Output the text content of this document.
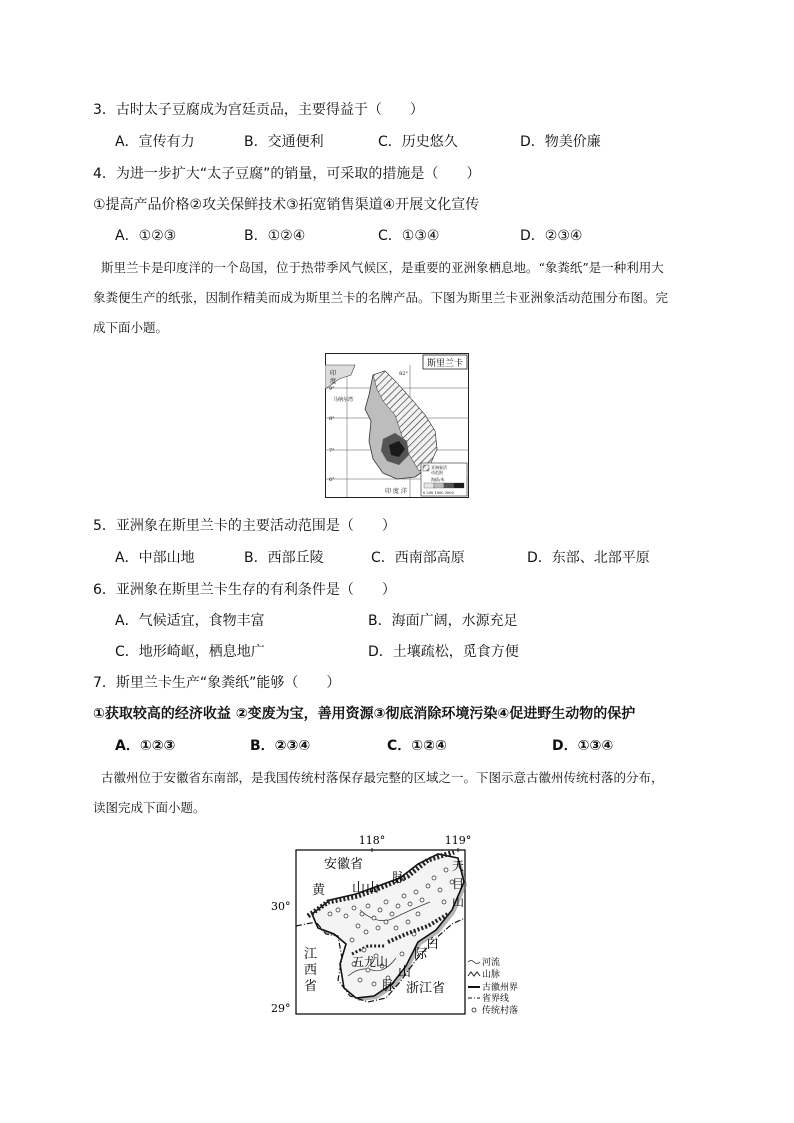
3．古时太子豆腐成为宫廷贡品，主要得益于（　　）
A．宣传有力	B．交通便利	C．历史悠久	D．物美价廉
4．为进一步扩大“太子豆腐”的销量，可采取的措施是（　　）
①提高产品价格②攻关保鲜技术③拓宽销售渠道④开展文化宣传
A．①②③	B．①②④	C．①③④	D．②③④
斯里兰卡是印度洋的一个岛国，位于热带季风气候区，是重要的亚洲象栖息地。“象粪纸”是一种利用大
象粪便生产的纸张，因制作精美而成为斯里兰卡的名牌产品。下图为斯里兰卡亚洲象活动范围分布图。完
成下面小题。
斯里兰卡
82°
9°
8°
7°
6°
印
度
马纳尔湾
印 度 洋
亚洲象活
动范围
海拔/米
0 200 1000 2000
5．亚洲象在斯里兰卡的主要活动范围是（　　）
A．中部山地	B．西部丘陵	C．西南部高原	D．东部、北部平原
6．亚洲象在斯里兰卡生存的有利条件是（　　）
A．气候适宜，食物丰富	B．海面广阔，水源充足
C．地形崎岖，栖息地广	D．土壤疏松，觅食方便
7．斯里兰卡生产“象粪纸”能够（　　）
①获取较高的经济收益 ②变废为宝，善用资源③彻底消除环境污染④促进野生动物的保护
A．①②③	B．②③④	C．①②④	D．①③④
古徽州位于安徽省东南部，是我国传统村落保存最完整的区域之一。下图示意古徽州传统村落的分布，
读图完成下面小题。
118°	119°
30°
29°
安徽省
黄 山 山
脉
天
目
山
江
西
省
五龙山
白
际
山
脉 浙江省
河流
山脉
古徽州界
省界线
传统村落
